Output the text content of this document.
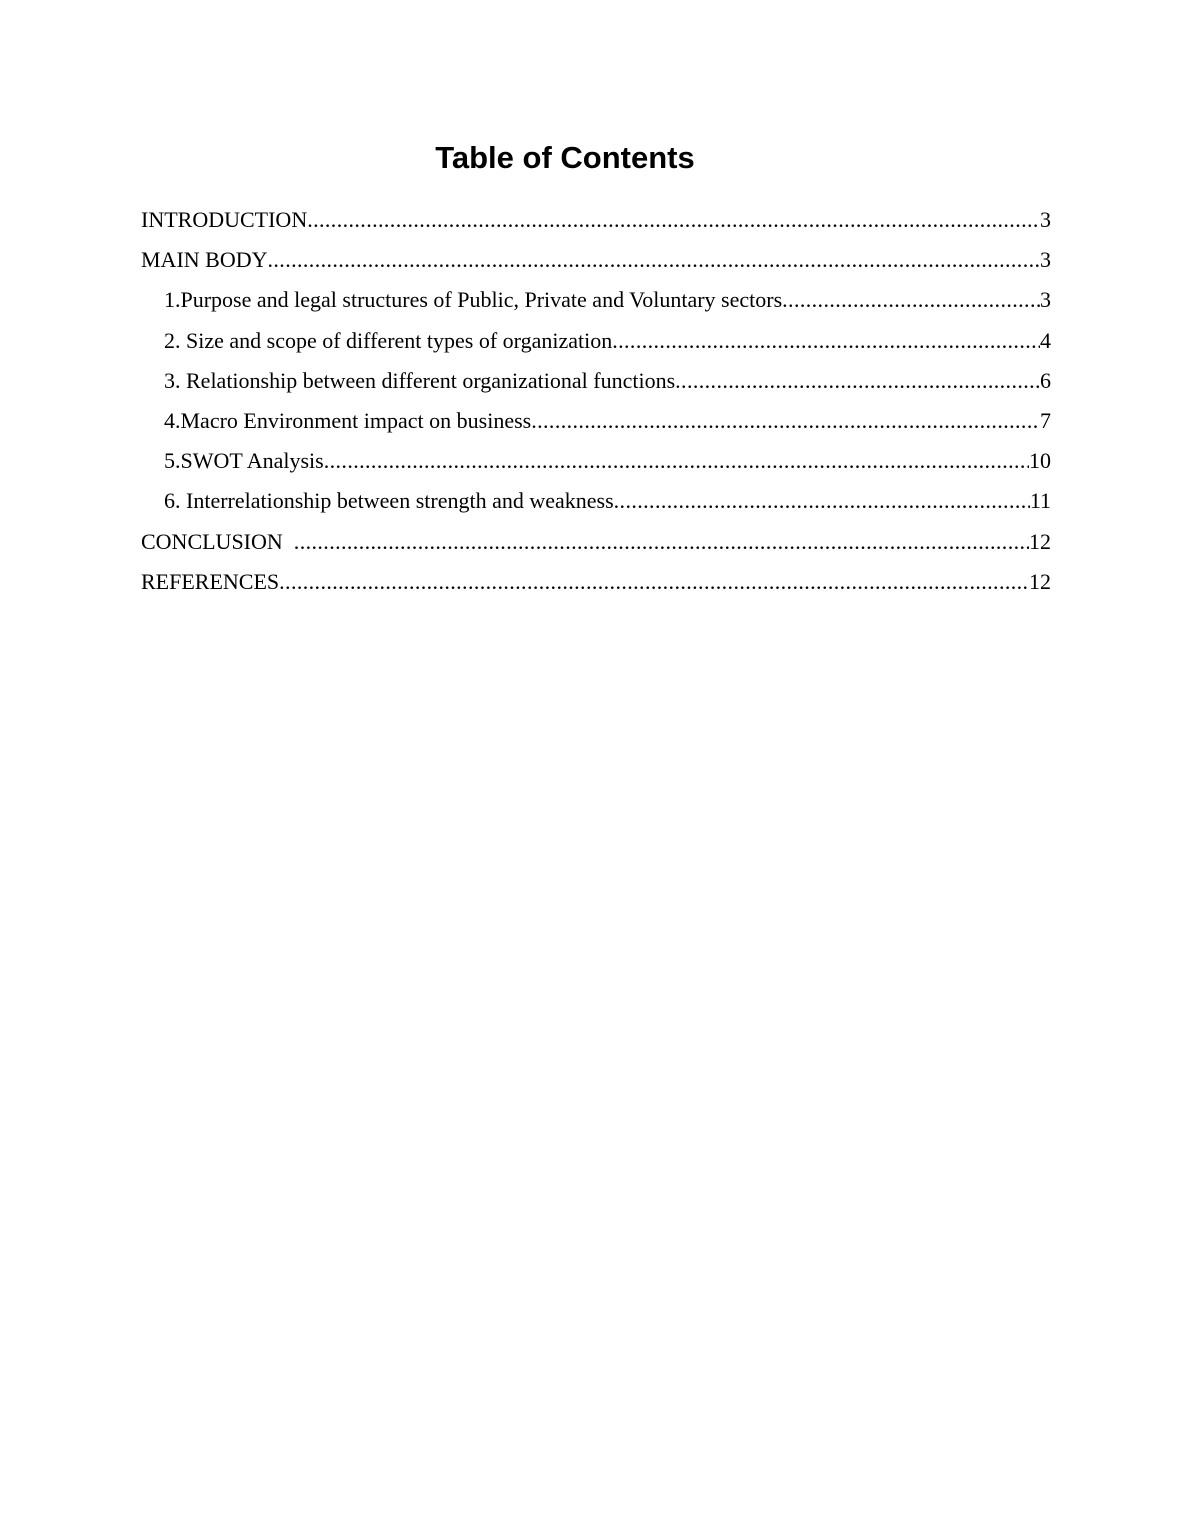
Table of Contents
INTRODUCTION .....	3
MAIN BODY .....	3
1.Purpose and legal structures of Public, Private and Voluntary sectors .....	3
2. Size and scope of different types of organization .....	4
3. Relationship between different organizational functions .....	6
4.Macro Environment impact on business .....	7
5.SWOT Analysis .....	10
6. Interrelationship between strength and weakness .....	11
CONCLUSION .....	12
REFERENCES .....	12
